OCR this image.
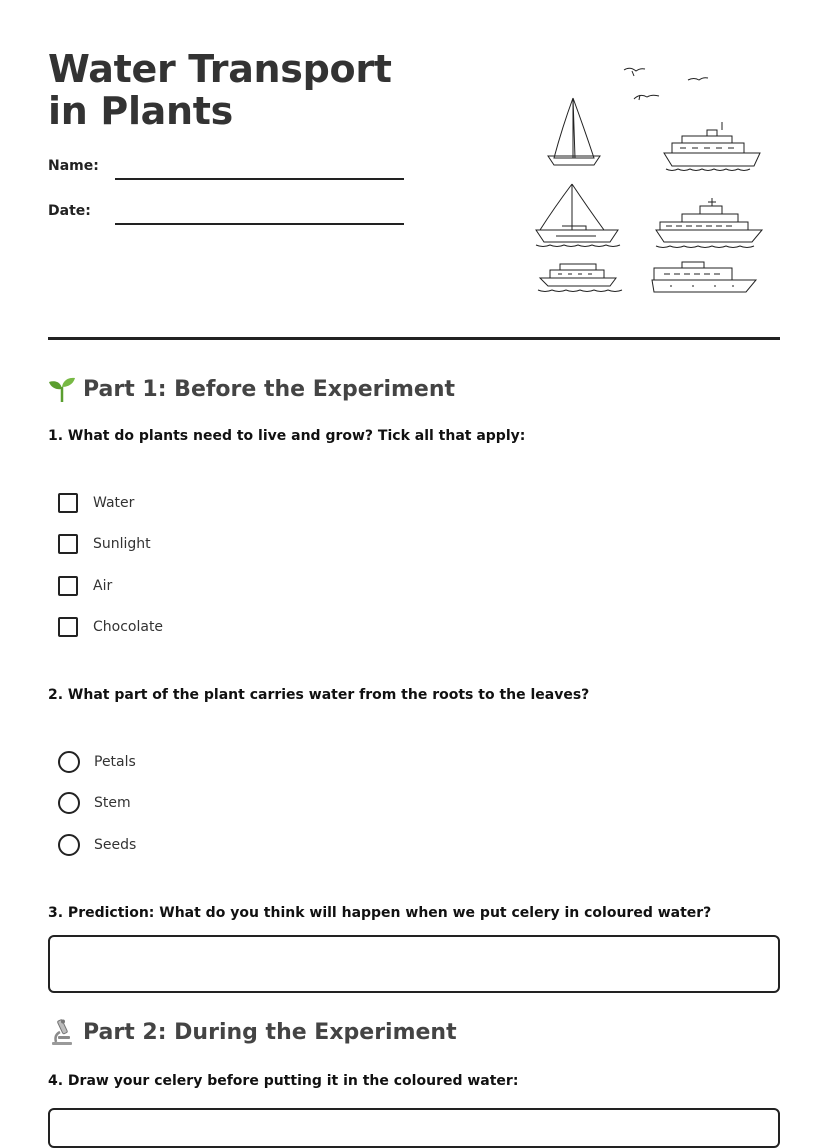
Water Transport in Plants
Name:
Date:
Part 1: Before the Experiment
1. What do plants need to live and grow? Tick all that apply:
Water
Sunlight
Air
Chocolate
2. What part of the plant carries water from the roots to the leaves?
Petals
Stem
Seeds
3. Prediction: What do you think will happen when we put celery in coloured water?
Part 2: During the Experiment
4. Draw your celery before putting it in the coloured water:
